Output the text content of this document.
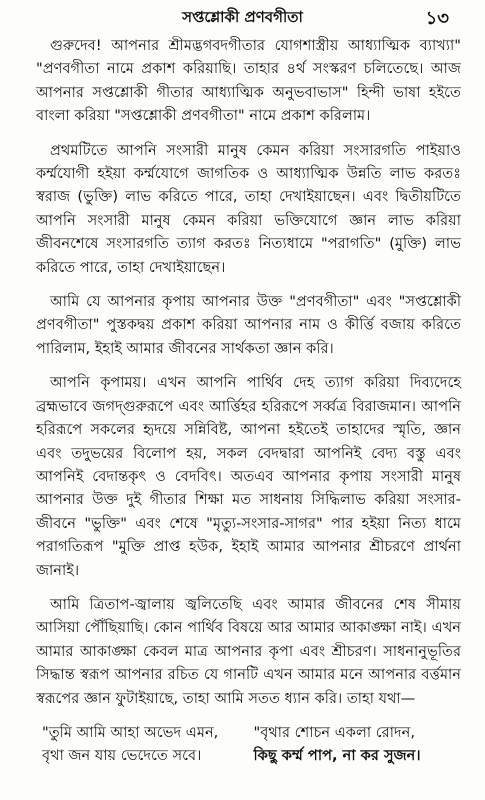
সপ্তশ্লোকী প্রণবগীতা	১৩

গুরুদেব! আপনার শ্রীমদ্ভগবদগীতার যোগশাস্ত্রীয় আধ্যাত্মিক ব্যাখ্যা" "প্রণবগীতা নামে প্রকাশ করিয়াছি। তাহার ৪র্থ সংস্করণ চলিতেছে। আজ আপনার সপ্তশ্লোকী গীতার আধ্যাত্মিক অনুভবাভাস" হিন্দী ভাষা হইতে বাংলা করিয়া "সপ্তশ্লোকী প্রণবগীতা" নামে প্রকাশ করিলাম।

প্রথমটিতে আপনি সংসারী মানুষ কেমন করিয়া সংসারগতি পাইয়াও কর্ম্মযোগী হইয়া কর্ম্মযোগে জাগতিক ও আধ্যাত্মিক উন্নতি লাভ করতঃ স্বরাজ (ভুক্তি) লাভ করিতে পারে, তাহা দেখাইয়াছেন। এবং দ্বিতীয়টিতে আপনি সংসারী মানুষ কেমন করিয়া ভক্তিযোগে জ্ঞান লাভ করিয়া জীবনশেষে সংসারগতি ত্যাগ করতঃ নিত্যধামে "পরাগতি" (মুক্তি) লাভ করিতে পারে, তাহা দেখাইয়াছেন।

আমি যে আপনার কৃপায় আপনার উক্ত "প্রণবগীতা" এবং "সপ্তশ্লোকী প্রণবগীতা" পুস্তকদ্বয় প্রকাশ করিয়া আপনার নাম ও কীর্ত্তি বজায় করিতে পারিলাম, ইহাই আমার জীবনের সার্থকতা জ্ঞান করি।

আপনি কৃপাময়। এখন আপনি পার্থিব দেহ ত্যাগ করিয়া দিব্যদেহে ব্রহ্মভাবে জগদ্গুরুরূপে এবং আর্ত্তিহর হরিরূপে সর্ব্বত্র বিরাজমান। আপনি হরিরূপে সকলের হৃদয়ে সন্নিবিষ্ট, আপনা হইতেই তাহাদের স্মৃতি, জ্ঞান এবং তদুভয়ের বিলোপ হয়, সকল বেদদ্বারা আপনিই বেদ্য বস্তু এবং আপনিই বেদান্তকৃৎ ও বেদবিৎ। অতএব আপনার কৃপায় সংসারী মানুষ আপনার উক্ত দুই গীতার শিক্ষা মত সাধনায় সিদ্ধিলাভ করিয়া সংসার-জীবনে "ভুক্তি" এবং শেষে "মৃত্যু-সংসার-সাগর" পার হইয়া নিত্য ধামে পরাগতিরূপ "মুক্তি প্রাপ্ত হউক, ইহাই আমার আপনার শ্রীচরণে প্রার্থনা জানাই।

আমি ত্রিতাপ-জ্বালায় জ্বলিতেছি এবং আমার জীবনের শেষ সীমায় আসিয়া পৌঁছিয়াছি। কোন পার্থিব বিষয়ে আর আমার আকাঙ্ক্ষা নাই। এখন আমার আকাঙ্ক্ষা কেবল মাত্র আপনার কৃপা এবং শ্রীচরণ। সাধনানুভূতির সিদ্ধান্ত স্বরূপ আপনার রচিত যে গানটি এখন আমার মনে আপনার বর্ত্তমান স্বরূপের জ্ঞান ফুটাইয়াছে, তাহা আমি সতত ধ্যান করি। তাহা যথা—

"তুমি আমি আহা অভেদ এমন,

বৃথা জন যায় ভেদেতে সবে।

"বৃথার শোচন একলা রোদন,

কিছু কর্ম্ম পাপ, না কর সুজন।
